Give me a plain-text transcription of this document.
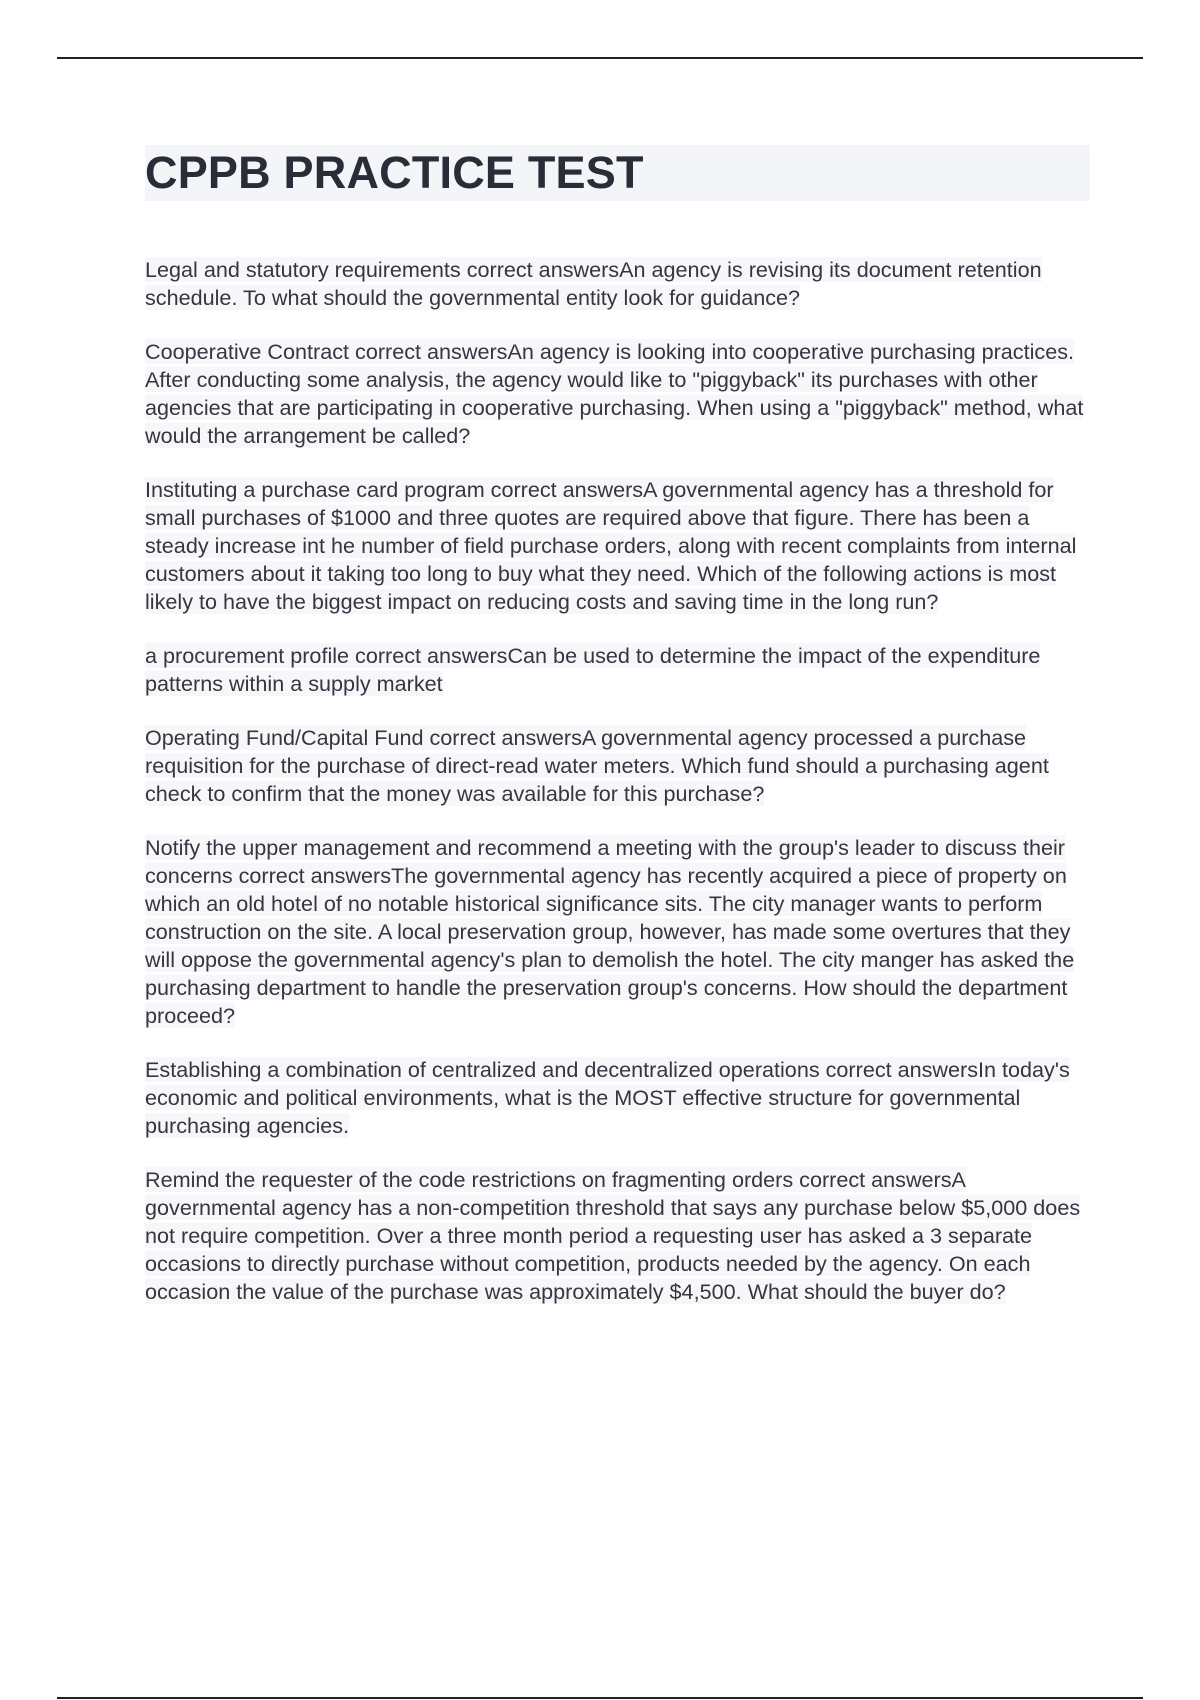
CPPB PRACTICE TEST

Legal and statutory requirements correct answersAn agency is revising its document retention schedule. To what should the governmental entity look for guidance?

Cooperative Contract correct answersAn agency is looking into cooperative purchasing practices. After conducting some analysis, the agency would like to "piggyback" its purchases with other agencies that are participating in cooperative purchasing. When using a "piggyback" method, what would the arrangement be called?

Instituting a purchase card program correct answersA governmental agency has a threshold for small purchases of $1000 and three quotes are required above that figure. There has been a steady increase int he number of field purchase orders, along with recent complaints from internal customers about it taking too long to buy what they need. Which of the following actions is most likely to have the biggest impact on reducing costs and saving time in the long run?

a procurement profile correct answersCan be used to determine the impact of the expenditure patterns within a supply market

Operating Fund/Capital Fund correct answersA governmental agency processed a purchase requisition for the purchase of direct-read water meters. Which fund should a purchasing agent check to confirm that the money was available for this purchase?

Notify the upper management and recommend a meeting with the group's leader to discuss their concerns correct answersThe governmental agency has recently acquired a piece of property on which an old hotel of no notable historical significance sits. The city manager wants to perform construction on the site. A local preservation group, however, has made some overtures that they will oppose the governmental agency's plan to demolish the hotel. The city manger has asked the purchasing department to handle the preservation group's concerns. How should the department proceed?

Establishing a combination of centralized and decentralized operations correct answersIn today's economic and political environments, what is the MOST effective structure for governmental purchasing agencies.

Remind the requester of the code restrictions on fragmenting orders correct answersA governmental agency has a non-competition threshold that says any purchase below $5,000 does not require competition. Over a three month period a requesting user has asked a 3 separate occasions to directly purchase without competition, products needed by the agency. On each occasion the value of the purchase was approximately $4,500. What should the buyer do?
